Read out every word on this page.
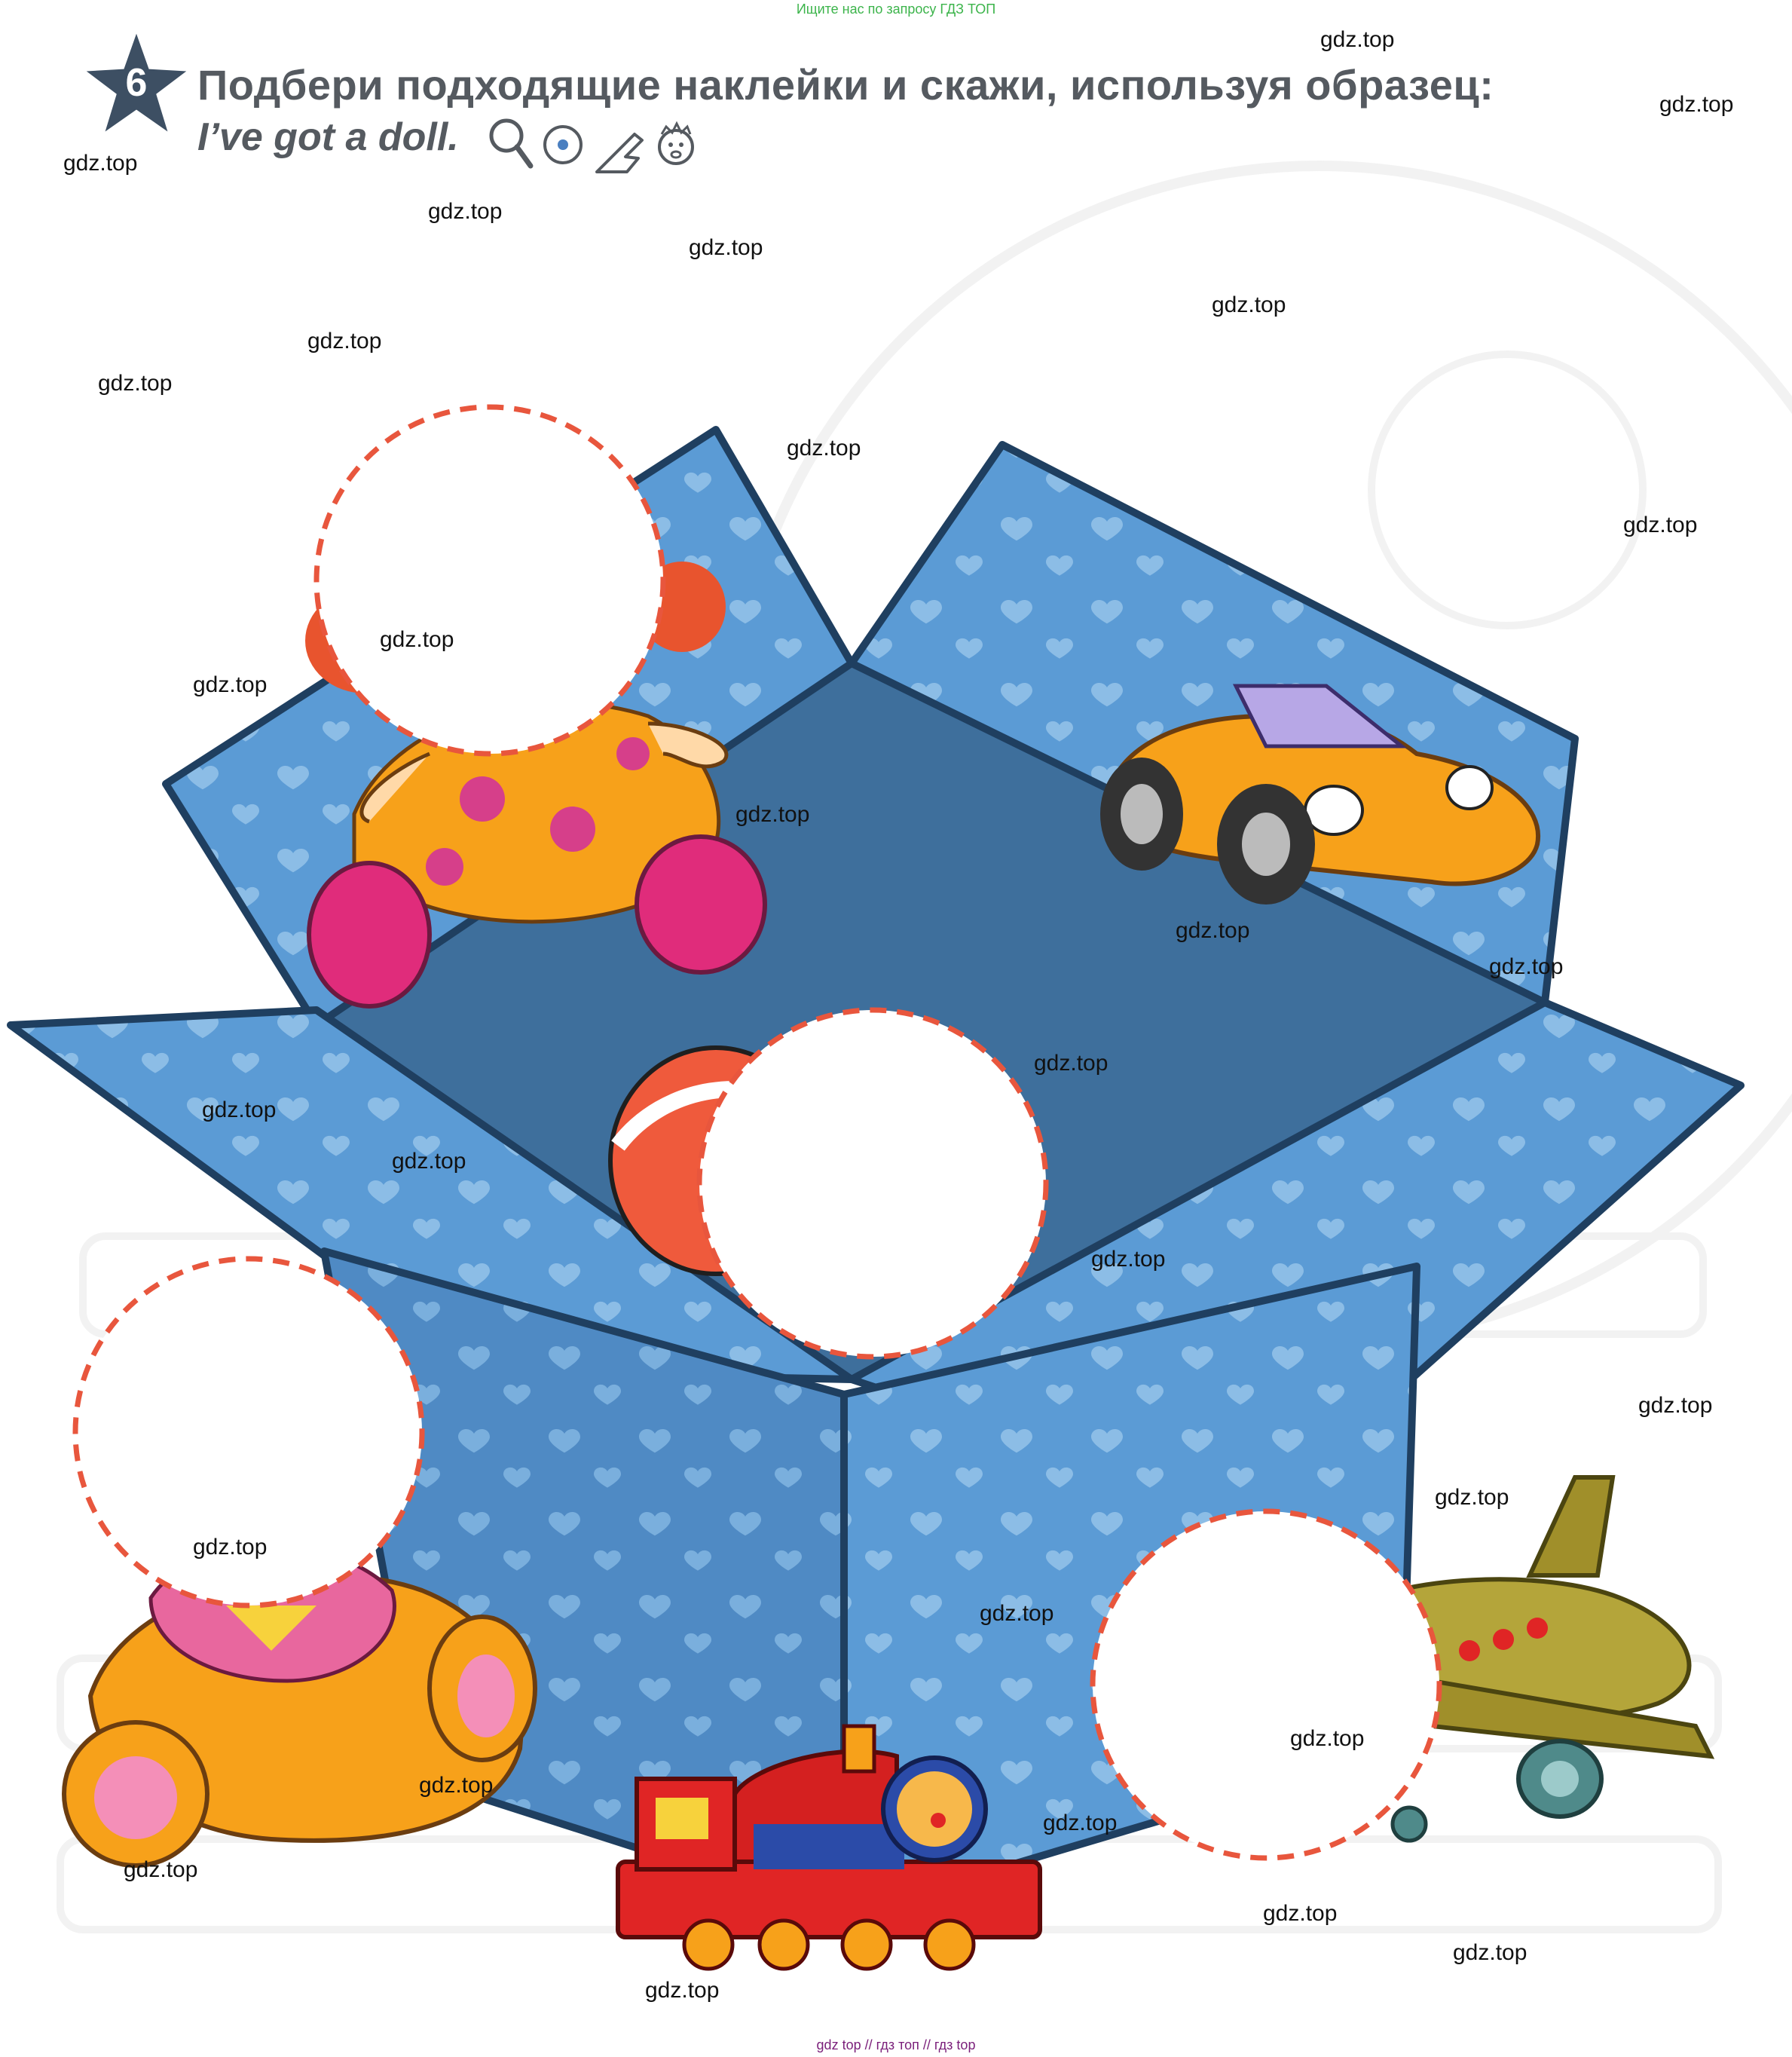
Ищите нас по запросу ГДЗ ТОП
6	Подбери подходящие наклейки и скажи, используя образец:
I’ve got a doll.
gdz.top
gdz.top
gdz.top
gdz.top
gdz.top
gdz.top
gdz.top
gdz.top
gdz.top
gdz.top
gdz.top
gdz.top
gdz.top
gdz.top
gdz.top
gdz.top
gdz.top
gdz.top
gdz.top
gdz.top
gdz.top
gdz.top
gdz.top
gdz.top
gdz.top
gdz.top
gdz.top
gdz.top
gdz.top
gdz.top
gdz top // гдз топ // гдз top
